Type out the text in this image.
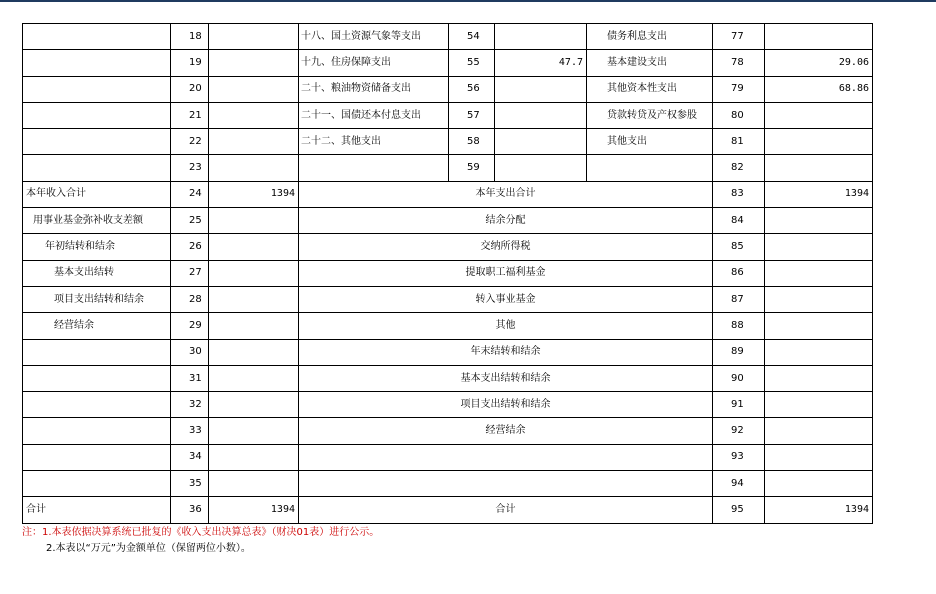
	18		十八、国土资源气象等支出	54		债务利息支出	77	
	19		十九、住房保障支出	55	47.7	基本建设支出	78	29.06
	20		二十、粮油物资储备支出	56		其他资本性支出	79	68.86
	21		二十一、国债还本付息支出	57		贷款转贷及产权参股	80	
	22		二十二、其他支出	58		其他支出	81	
	23			59			82	
本年收入合计	24	1394	本年支出合计				83	1394
用事业基金弥补收支差额	25		结余分配				84	
年初结转和结余	26		交纳所得税				85	
基本支出结转	27		提取职工福利基金				86	
项目支出结转和结余	28		转入事业基金				87	
经营结余	29		其他				88	
	30		年末结转和结余				89	
	31		基本支出结转和结余				90	
	32		项目支出结转和结余				91	
	33		经营结余				92	
	34						93	
	35						94	
合计	36	1394	合计				95	1394
注：1.本表依据决算系统已批复的《收入支出决算总表》（财决01表）进行公示。
2.本表以“万元”为金额单位（保留两位小数）。
